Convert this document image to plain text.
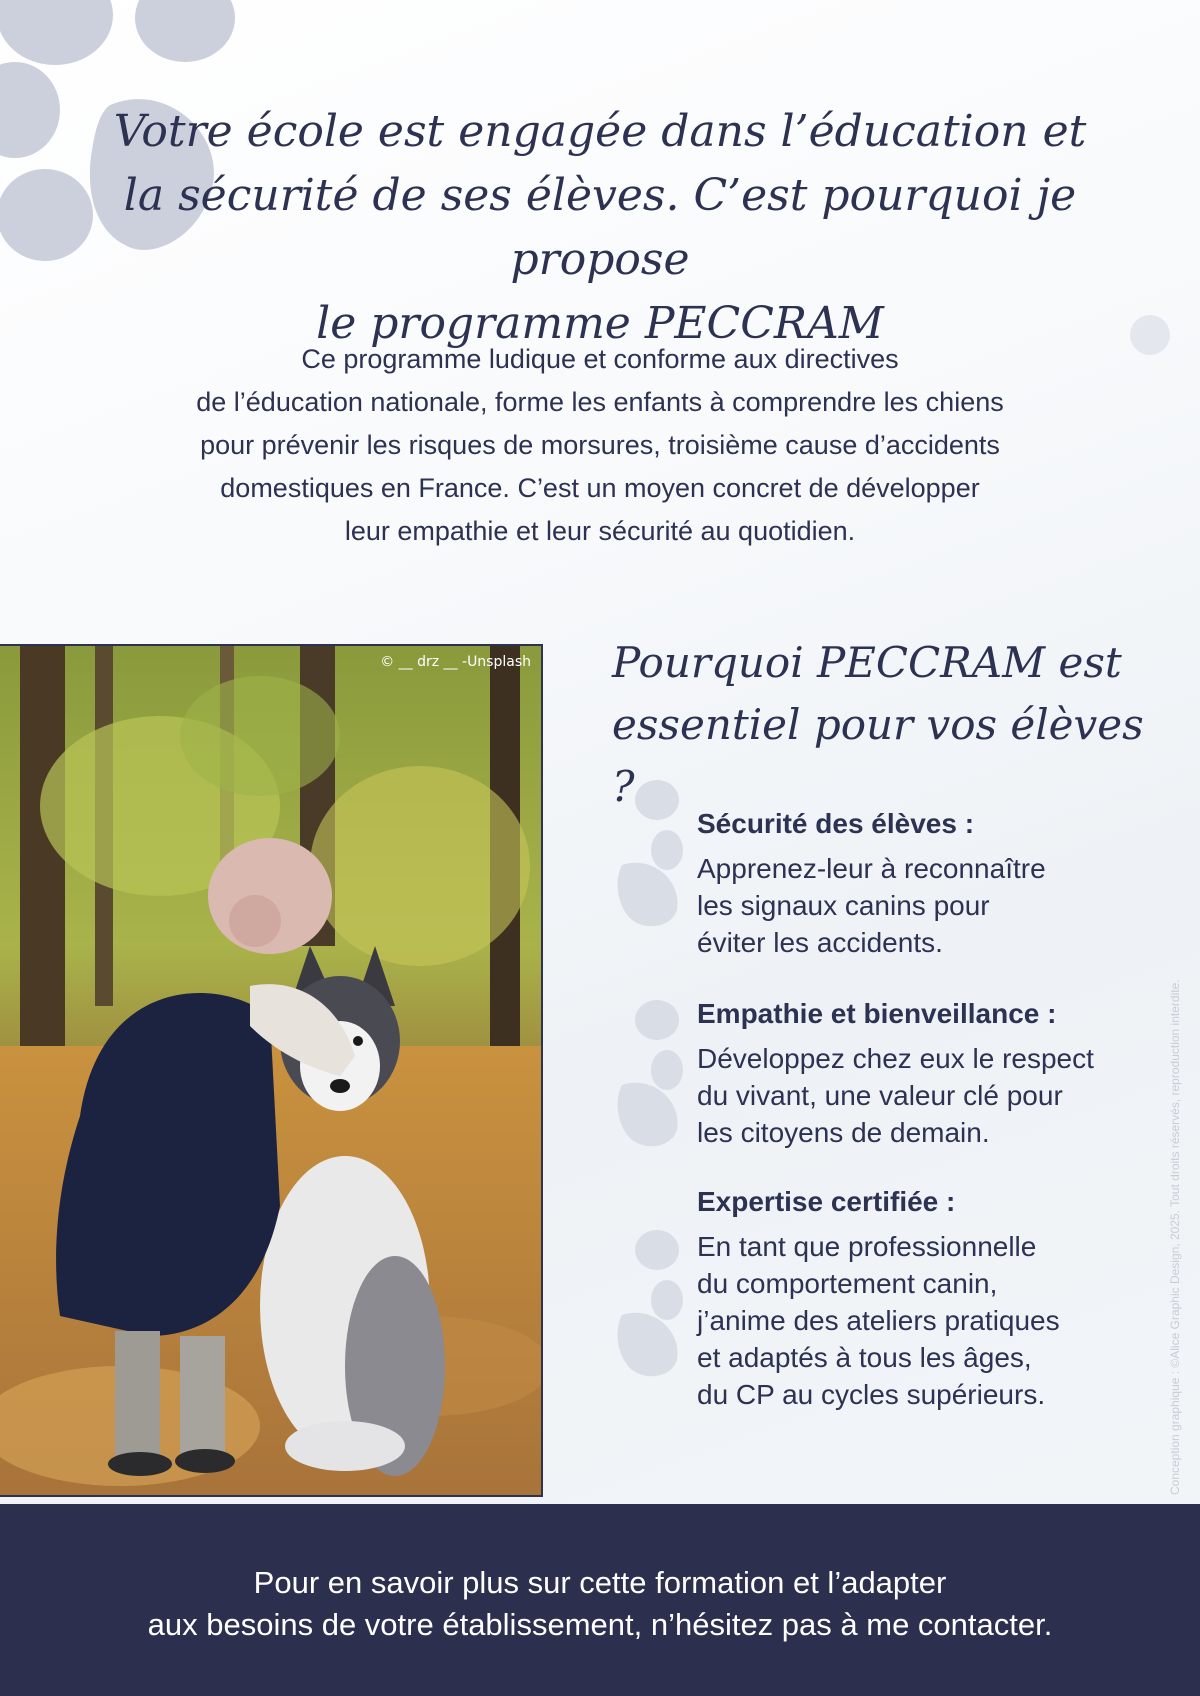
Votre école est engagée dans l’éducation et
la sécurité de ses élèves. C’est pourquoi je propose
le programme PECCRAM

Ce programme ludique et conforme aux directives
de l’éducation nationale, forme les enfants à comprendre les chiens
pour prévenir les risques de morsures, troisième cause d’accidents
domestiques en France. C’est un moyen concret de développer
leur empathie et leur sécurité au quotidien.

© __ drz __ -Unsplash Pourquoi PECCRAM est
essentiel pour vos élèves ?
Sécurité des élèves :

Apprenez-leur à reconnaître
les signaux canins pour
éviter les accidents.

Empathie et bienveillance :

Développez chez eux le respect
du vivant, une valeur clé pour
les citoyens de demain.

Expertise certifiée :

En tant que professionnelle
du comportement canin,
j’anime des ateliers pratiques
et adaptés à tous les âges,
du CP au cycles supérieurs.	Conception graphique : ©Alice Graphic Design, 2025. Tout droits réservés, reproduction interdite.

Pour en savoir plus sur cette formation et l’adapter
aux besoins de votre établissement, n’hésitez pas à me contacter.
